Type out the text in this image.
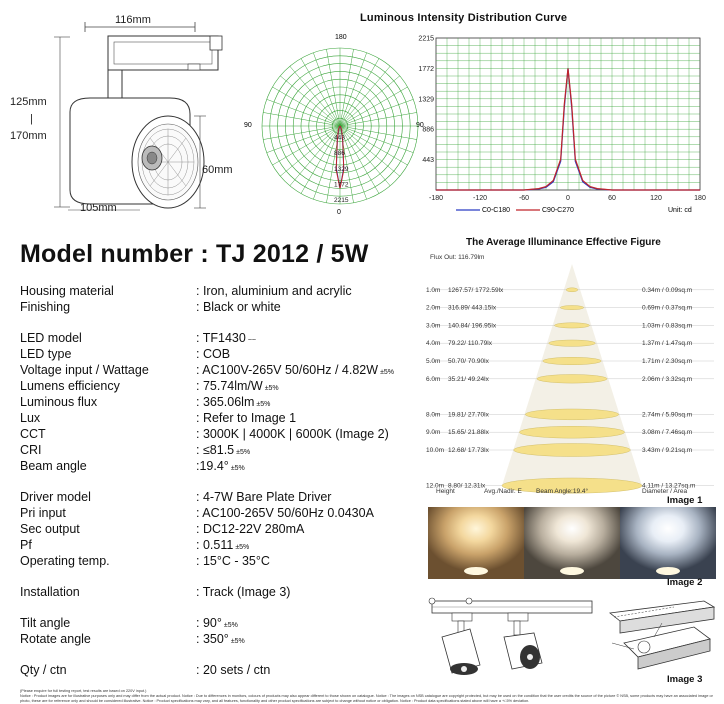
116mm
125mm
|
170mm
60mm
105mm
Luminous Intensity Distribution Curve
180
90	90
0
443
886
1329
1772
2215
2215
1772
1329
886
443
-180	-120	-60	0	60	120	180
C0-C180	C90-C270	Unit: cd
Model number : TJ 2012 / 5W
Housing material	: Iron, aluminium and acrylic
Finishing	: Black or white
LED model	: TF1430 ~~
LED type	: COB
Voltage input / Wattage	: AC100V-265V 50/60Hz / 4.82W ±5%
Lumens efficiency	: 75.74lm/W ±5%
Luminous flux	: 365.06lm ±5%
Lux	: Refer to Image 1
CCT	: 3000K | 4000K | 6000K (Image 2)
CRI	: ≤81.5 ±5%
Beam angle	:19.4° ±5%
Driver model	: 4-7W Bare Plate Driver
Pri input	: AC100-265V 50/60Hz 0.0430A
Sec output	: DC12-22V 280mA
Pf	: 0.511 ±5%
Operating temp.	: 15°C - 35°C
Installation	: Track (Image 3)
Tilt angle	: 90° ±5%
Rotate angle	: 350° ±5%
Qty / ctn	: 20 sets / ctn
The Average Illuminance Effective Figure
Flux Out: 116.79lm
1.0m 1267.57/ 1772.59lx	0.34m / 0.09sq.m
2.0m 316.89/ 443.15lx	0.69m / 0.37sq.m
3.0m 140.84/ 196.95lx	1.03m / 0.83sq.m
4.0m 79.22/ 110.79lx	1.37m / 1.47sq.m
5.0m 50.70/ 70.90lx	1.71m / 2.30sq.m
6.0m 35.21/ 49.24lx	2.06m / 3.32sq.m
8.0m 19.81/ 27.70lx	2.74m / 5.90sq.m
9.0m 15.65/ 21.88lx	3.08m / 7.46sq.m
10.0m 12.68/ 17.73lx	3.43m / 9.21sq.m
12.0m 8.80/ 12.31lx	4.11m / 13.27sq.m
Height	Avg./Nadir. E Beam Angle:19.4°	Diameter / Area
Image 1
Image 2
Image 3
(Please enquire for full testing report, test results are based on 220V input.)
Notice : Product images are for illustrative purposes only and may differ from the actual product. Notice : Due to differences in monitors, colours of products may also appear different to those shown on catalogue. Notice : The images on NSB catalogue are copyright protected, but may be used on the condition that the user credits the source of the picture © NSB, some products may have an associated image or photo, these are for reference only and should be considered illustrative. Notice : Product specifications may vary, and all features, functionality and other product specifications are subject to change without notice or obligation. Notice : Product data specifications stated above will have a +/-5% deviation.
